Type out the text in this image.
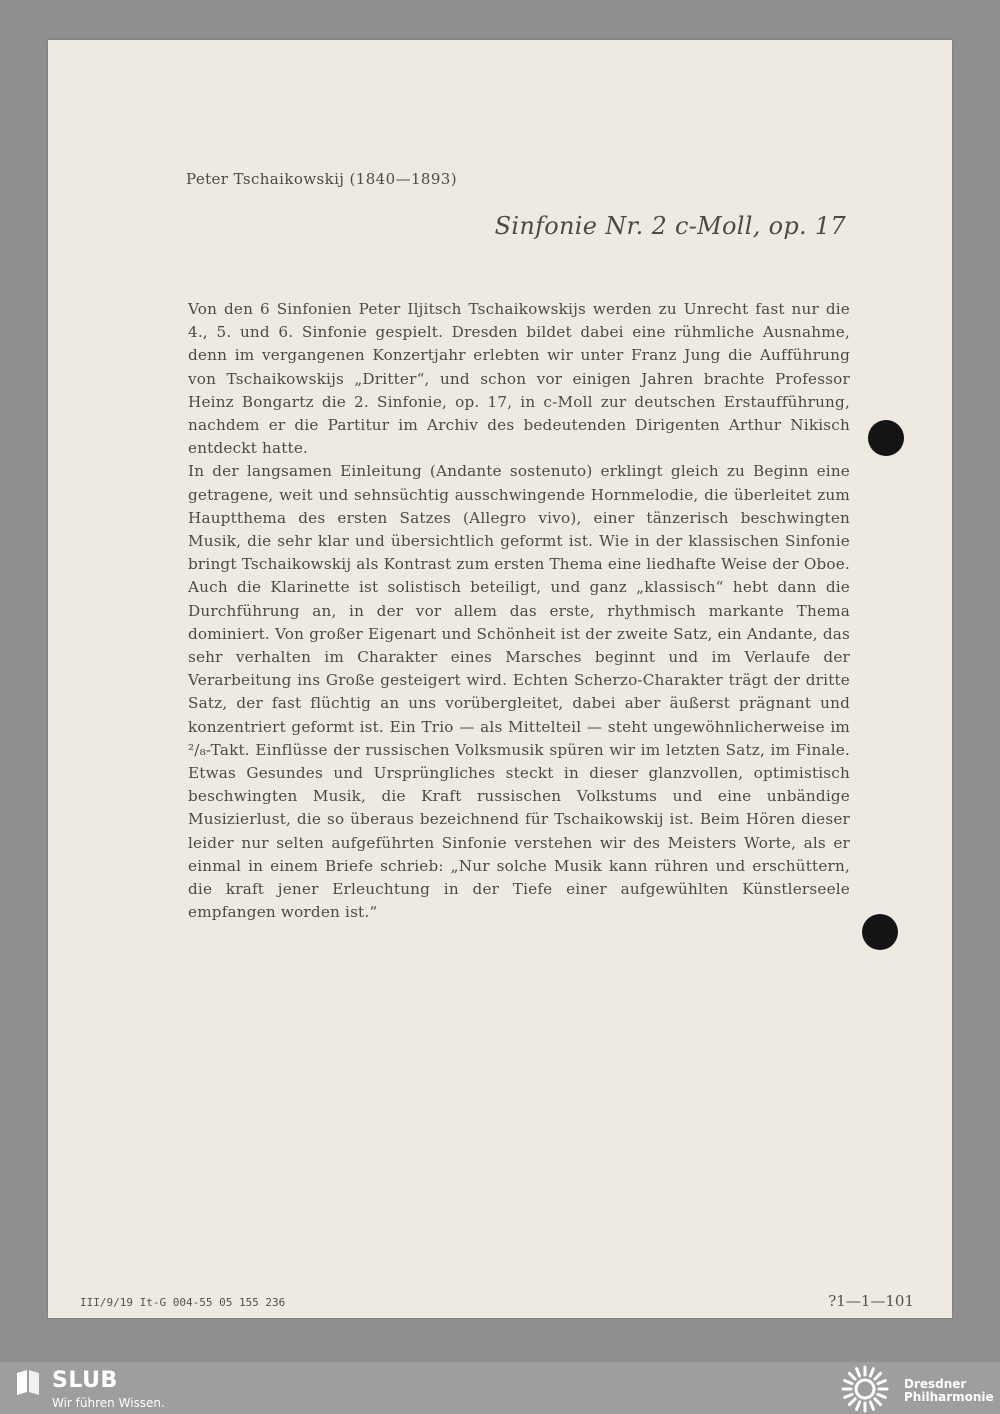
Peter Tschaikowskij (1840—1893)
Sinfonie Nr. 2 c-Moll, op. 17

Von den 6 Sinfonien Peter Iljitsch Tschaikowskijs werden zu Unrecht fast nur die 4., 5. und 6. Sinfonie gespielt. Dresden bildet dabei eine rühmliche Ausnahme, denn im vergangenen Konzertjahr erlebten wir unter Franz Jung die Aufführung von Tschaikowskijs „Dritter“, und schon vor einigen Jahren brachte Professor Heinz Bongartz die 2. Sinfonie, op. 17, in c-Moll zur deutschen Erstaufführung, nachdem er die Partitur im Archiv des bedeutenden Dirigenten Arthur Nikisch entdeckt hatte.

In der langsamen Einleitung (Andante sostenuto) erklingt gleich zu Beginn eine getragene, weit und sehnsüchtig ausschwingende Hornmelodie, die überleitet zum Hauptthema des ersten Satzes (Allegro vivo), einer tänzerisch beschwingten Musik, die sehr klar und übersichtlich geformt ist. Wie in der klassischen Sinfonie bringt Tschaikowskij als Kontrast zum ersten Thema eine liedhafte Weise der Oboe. Auch die Klarinette ist solistisch beteiligt, und ganz „klassisch“ hebt dann die Durchführung an, in der vor allem das erste, rhythmisch markante Thema dominiert. Von großer Eigenart und Schönheit ist der zweite Satz, ein Andante, das sehr verhalten im Charakter eines Marsches beginnt und im Verlaufe der Verarbeitung ins Große gesteigert wird. Echten Scherzo-Charakter trägt der dritte Satz, der fast flüchtig an uns vorübergleitet, dabei aber äußerst prägnant und konzentriert geformt ist. Ein Trio — als Mittelteil — steht ungewöhnlicherweise im ²/₈-Takt. Einflüsse der russischen Volksmusik spüren wir im letzten Satz, im Finale. Etwas Gesundes und Ursprüngliches steckt in dieser glanzvollen, optimistisch beschwingten Musik, die Kraft russischen Volkstums und eine unbändige Musizierlust, die so überaus bezeichnend für Tschaikowskij ist. Beim Hören dieser leider nur selten aufgeführten Sinfonie verstehen wir des Meisters Worte, als er einmal in einem Briefe schrieb: „Nur solche Musik kann rühren und erschüttern, die kraft jener Erleuchtung in der Tiefe einer aufgewühlten Künstlerseele empfangen worden ist.“

III/9/19 It-G 004-55 05 155 236	?1—1—101
SLUB
Wir führen Wissen.
Dresdner Philharmonie
